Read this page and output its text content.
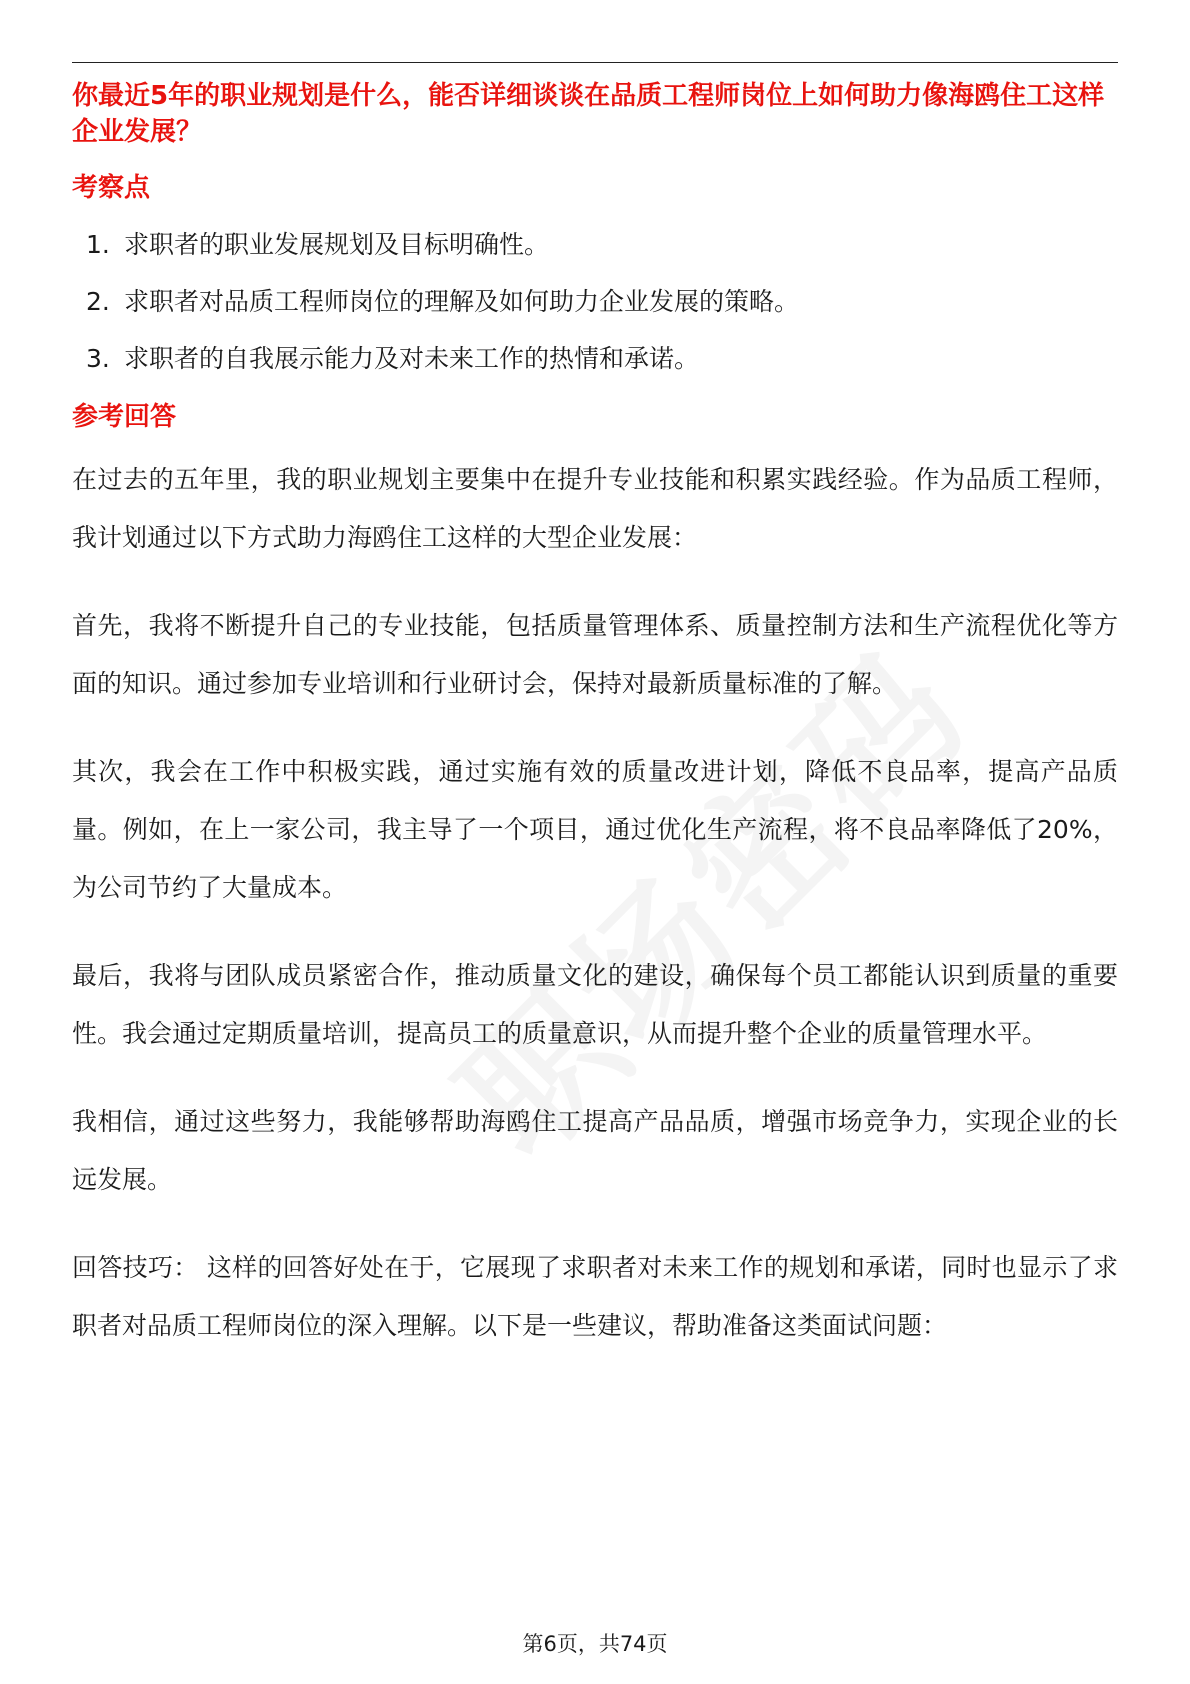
你最近5年的职业规划是什么，能否详细谈谈在品质工程师岗位上如何助力像海鸥住工这样企业发展？

考察点

1. 求职者的职业发展规划及目标明确性。
2. 求职者对品质工程师岗位的理解及如何助力企业发展的策略。
3. 求职者的自我展示能力及对未来工作的热情和承诺。

参考回答

在过去的五年里，我的职业规划主要集中在提升专业技能和积累实践经验。作为品质工程师，我计划通过以下方式助力海鸥住工这样的大型企业发展：

首先，我将不断提升自己的专业技能，包括质量管理体系、质量控制方法和生产流程优化等方面的知识。通过参加专业培训和行业研讨会，保持对最新质量标准的了解。

其次，我会在工作中积极实践，通过实施有效的质量改进计划，降低不良品率，提高产品质量。例如，在上一家公司，我主导了一个项目，通过优化生产流程，将不良品率降低了20%，为公司节约了大量成本。

最后，我将与团队成员紧密合作，推动质量文化的建设，确保每个员工都能认识到质量的重要性。我会通过定期质量培训，提高员工的质量意识，从而提升整个企业的质量管理水平。

我相信，通过这些努力，我能够帮助海鸥住工提高产品品质，增强市场竞争力，实现企业的长远发展。

回答技巧： 这样的回答好处在于，它展现了求职者对未来工作的规划和承诺，同时也显示了求职者对品质工程师岗位的深入理解。以下是一些建议，帮助准备这类面试问题：

第6页，共74页
